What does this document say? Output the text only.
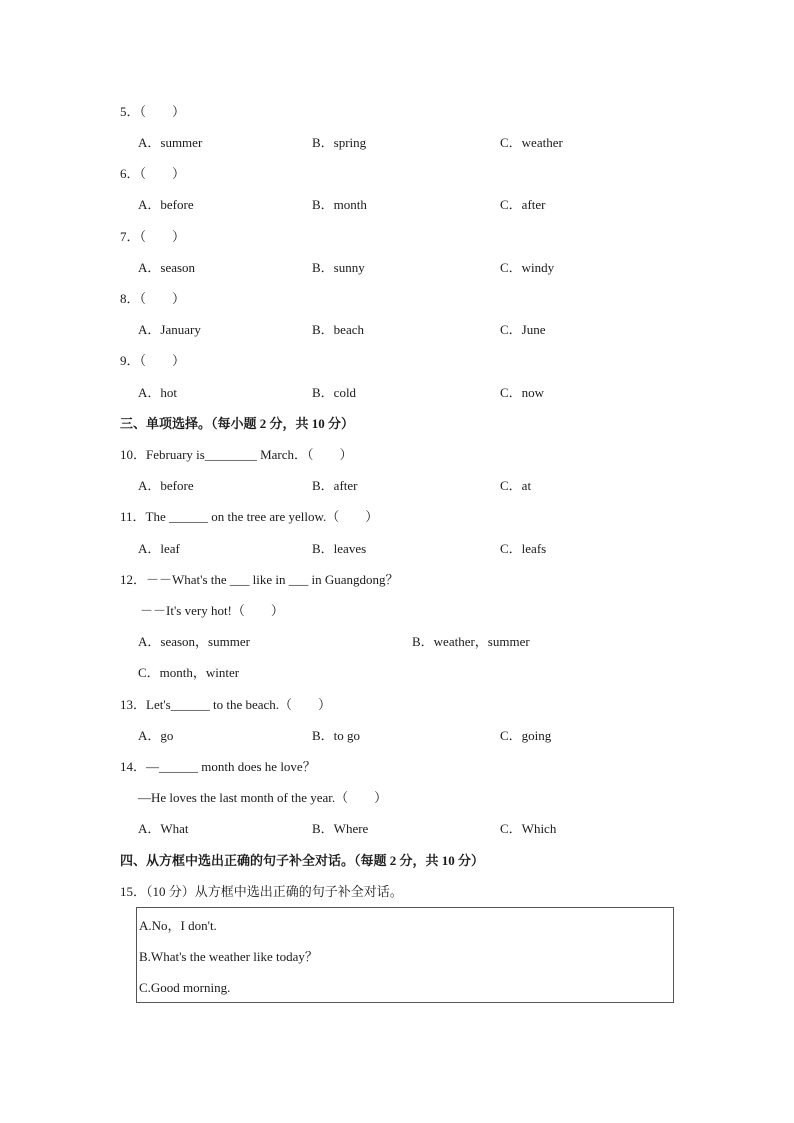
5．（　　）
A．summer	B．spring	C．weather
6．（　　）
A．before	B．month	C．after
7．（　　）
A．season	B．sunny	C．windy
8．（　　）
A．January	B．beach	C．June
9．（　　）
A．hot	B．cold	C．now
三、单项选择。（每小题 2 分，共 10 分）
10．February is________ March．（　　）
A．before	B．after	C．at
11．The ______ on the tree are yellow.（　　）
A．leaf	B．leaves	C．leafs
12．－－What's the ___ like in ___ in Guangdong？
－－It's very hot!（　　）
A．season，summer	B．weather，summer
C．month，winter
13．Let's______ to the beach.（　　）
A．go	B．to go	C．going
14．—______ month does he love？
—He loves the last month of the year.（　　）
A．What	B．Where	C．Which
四、从方框中选出正确的句子补全对话。（每题 2 分，共 10 分）
15．（10 分）从方框中选出正确的句子补全对话。
A.No，I don't.
B.What's the weather like today？
C.Good morning.
